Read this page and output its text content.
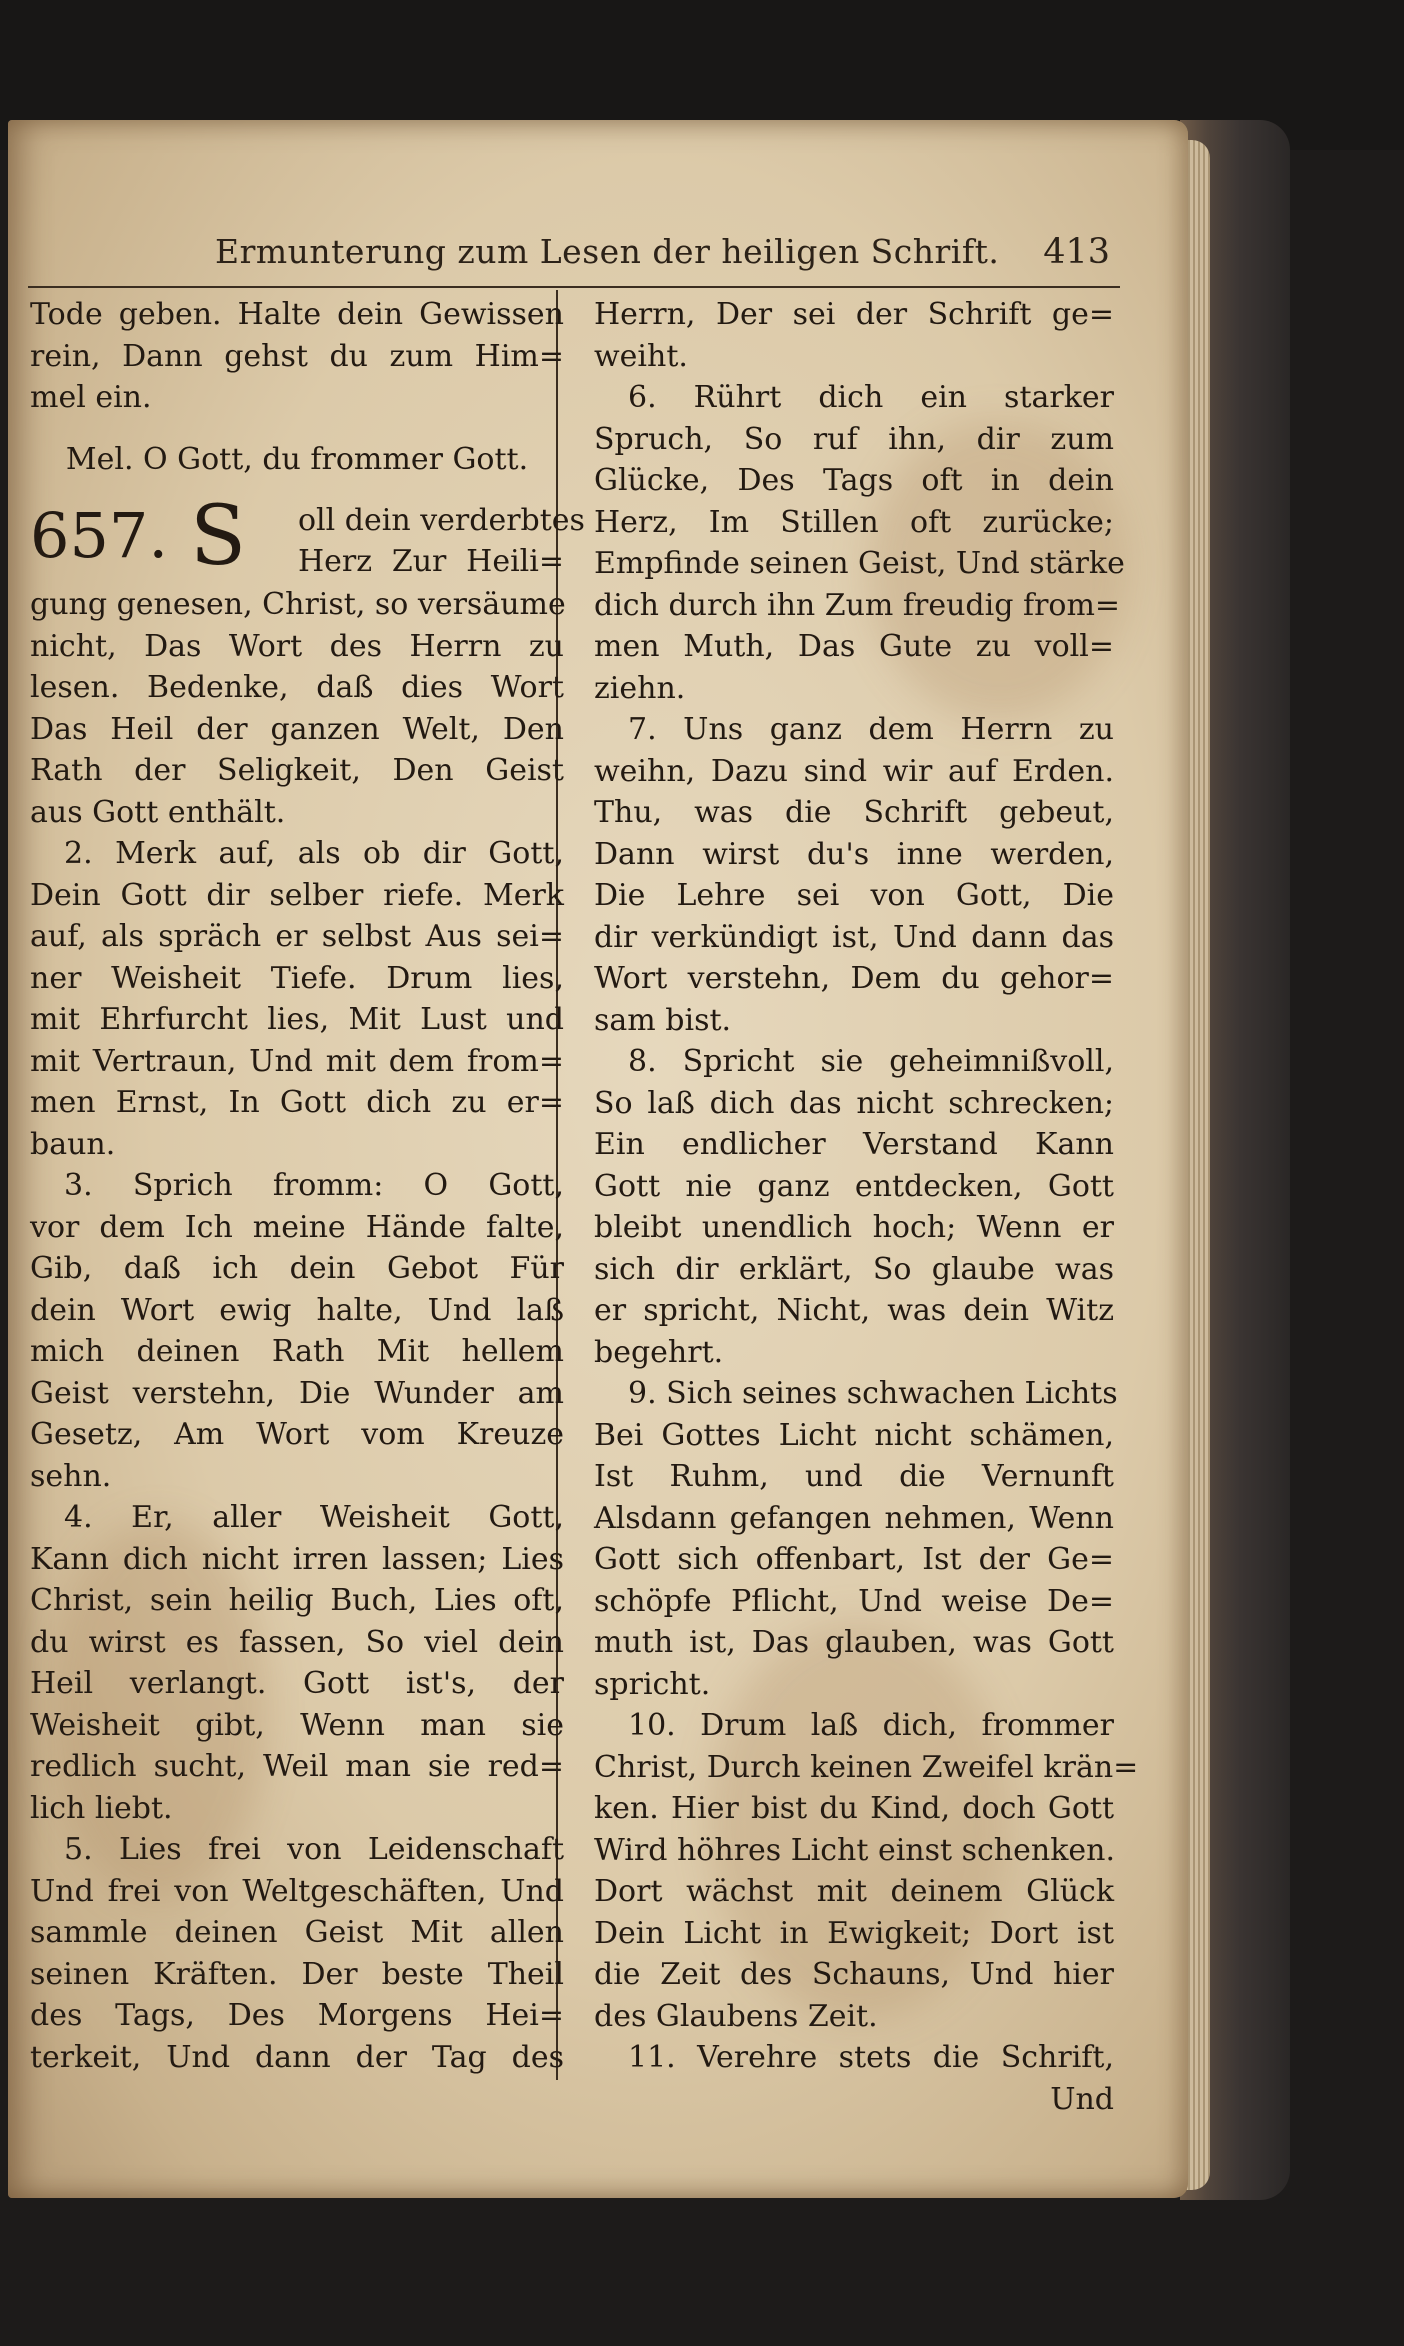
Ermunterung zum Lesen der heiligen Schrift. 413
Tode geben. Halte dein Gewissen
rein, Dann gehst du zum Him=
mel ein.
Mel. O Gott, du frommer Gott.
657. S oll dein verderbtes
Herz Zur Heili=
gung genesen, Christ, so versäume
nicht, Das Wort des Herrn zu
lesen. Bedenke, daß dies Wort
Das Heil der ganzen Welt, Den
Rath der Seligkeit, Den Geist
aus Gott enthält.
2. Merk auf, als ob dir Gott,
Dein Gott dir selber riefe. Merk
auf, als spräch er selbst Aus sei=
ner Weisheit Tiefe. Drum lies,
mit Ehrfurcht lies, Mit Lust und
mit Vertraun, Und mit dem from=
men Ernst, In Gott dich zu er=
baun.
3. Sprich fromm: O Gott,
vor dem Ich meine Hände falte,
Gib, daß ich dein Gebot Für
dein Wort ewig halte, Und laß
mich deinen Rath Mit hellem
Geist verstehn, Die Wunder am
Gesetz, Am Wort vom Kreuze
sehn.
4. Er, aller Weisheit Gott,
Kann dich nicht irren lassen; Lies
Christ, sein heilig Buch, Lies oft,
du wirst es fassen, So viel dein
Heil verlangt. Gott ist's, der
Weisheit gibt, Wenn man sie
redlich sucht, Weil man sie red=
lich liebt.
5. Lies frei von Leidenschaft
Und frei von Weltgeschäften, Und
sammle deinen Geist Mit allen
seinen Kräften. Der beste Theil
des Tags, Des Morgens Hei=
terkeit, Und dann der Tag des
Herrn, Der sei der Schrift ge=
weiht.
6. Rührt dich ein starker
Spruch, So ruf ihn, dir zum
Glücke, Des Tags oft in dein
Herz, Im Stillen oft zurücke;
Empfinde seinen Geist, Und stärke
dich durch ihn Zum freudig from=
men Muth, Das Gute zu voll=
ziehn.
7. Uns ganz dem Herrn zu
weihn, Dazu sind wir auf Erden.
Thu, was die Schrift gebeut,
Dann wirst du's inne werden,
Die Lehre sei von Gott, Die
dir verkündigt ist, Und dann das
Wort verstehn, Dem du gehor=
sam bist.
8. Spricht sie geheimnißvoll,
So laß dich das nicht schrecken;
Ein endlicher Verstand Kann
Gott nie ganz entdecken, Gott
bleibt unendlich hoch; Wenn er
sich dir erklärt, So glaube was
er spricht, Nicht, was dein Witz
begehrt.
9. Sich seines schwachen Lichts
Bei Gottes Licht nicht schämen,
Ist Ruhm, und die Vernunft
Alsdann gefangen nehmen, Wenn
Gott sich offenbart, Ist der Ge=
schöpfe Pflicht, Und weise De=
muth ist, Das glauben, was Gott
spricht.
10. Drum laß dich, frommer
Christ, Durch keinen Zweifel krän=
ken. Hier bist du Kind, doch Gott
Wird höhres Licht einst schenken.
Dort wächst mit deinem Glück
Dein Licht in Ewigkeit; Dort ist
die Zeit des Schauns, Und hier
des Glaubens Zeit.
11. Verehre stets die Schrift,
Und
